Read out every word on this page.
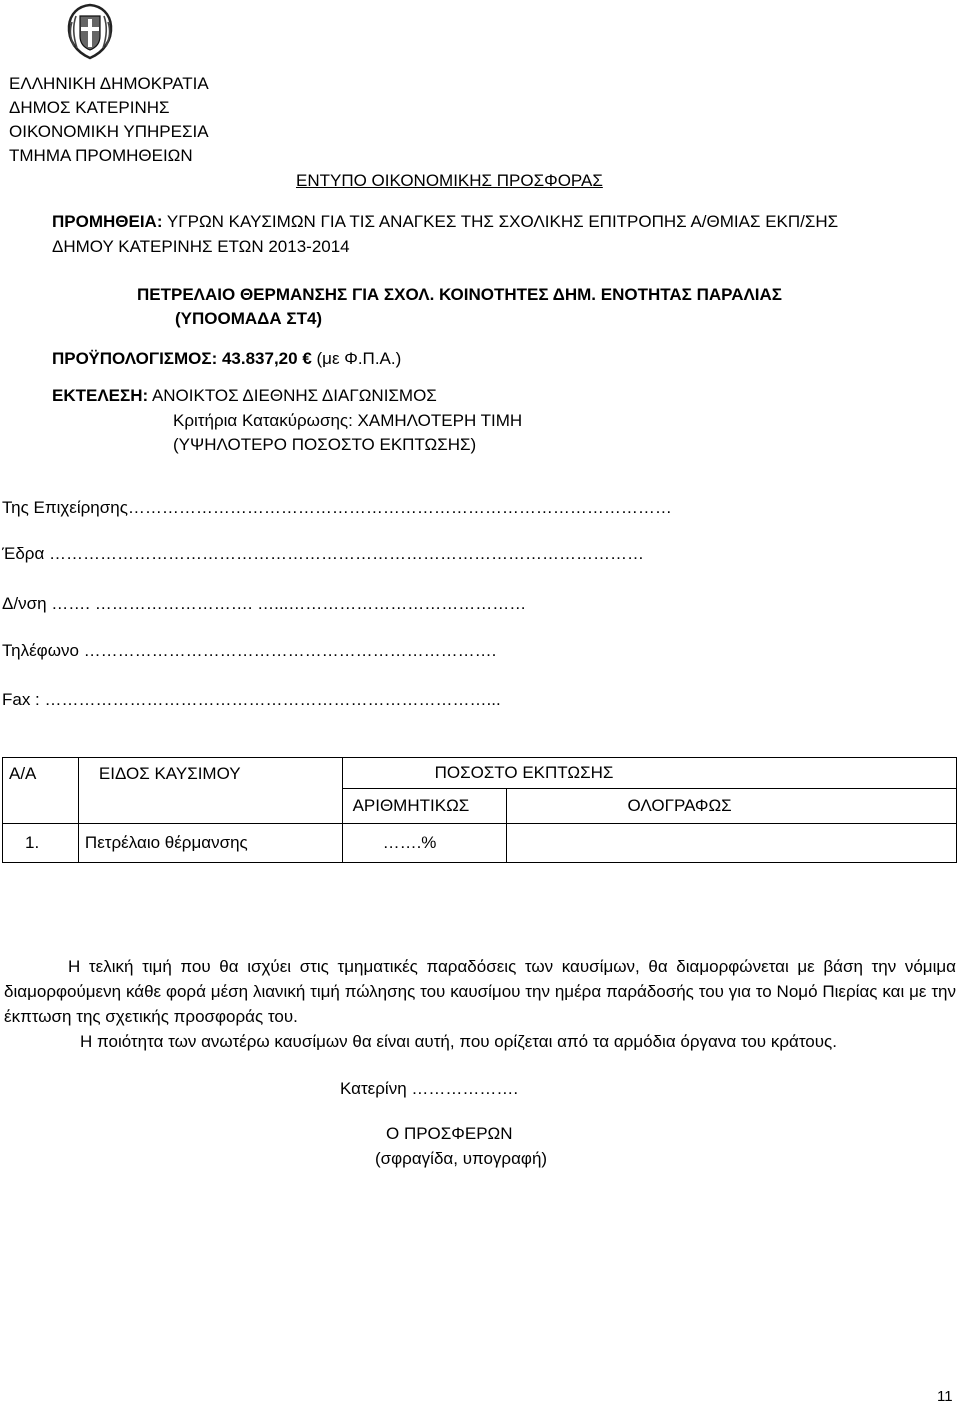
ΕΛΛΗΝΙΚΗ ΔΗΜΟΚΡΑΤΙΑ
ΔΗΜΟΣ ΚΑΤΕΡΙΝΗΣ
ΟΙΚΟΝΟΜΙΚΗ ΥΠΗΡΕΣΙΑ
ΤΜΗΜΑ ΠΡΟΜΗΘΕΙΩΝ
ΕΝΤΥΠΟ ΟΙΚΟΝΟΜΙΚΗΣ ΠΡΟΣΦΟΡΑΣ
ΠΡΟΜΗΘΕΙΑ: ΥΓΡΩΝ ΚΑΥΣΙΜΩΝ ΓΙΑ ΤΙΣ ΑΝΑΓΚΕΣ ΤΗΣ ΣΧΟΛΙΚΗΣ ΕΠΙΤΡΟΠΗΣ Α/ΘΜΙΑΣ ΕΚΠ/ΣΗΣ
ΔΗΜΟΥ ΚΑΤΕΡΙΝΗΣ ΕΤΩΝ 2013-2014
ΠΕΤΡΕΛΑΙΟ ΘΕΡΜΑΝΣΗΣ ΓΙΑ ΣΧΟΛ. ΚΟΙΝΟΤΗΤΕΣ ΔΗΜ. ΕΝΟΤΗΤΑΣ ΠΑΡΑΛΙΑΣ
(ΥΠΟΟΜΑΔΑ ΣΤ4)
ΠΡΟΫΠΟΛΟΓΙΣΜΟΣ: 43.837,20 € (με Φ.Π.Α.)
ΕΚΤΕΛΕΣΗ: ΑΝΟΙΚΤΟΣ ΔΙΕΘΝΗΣ ΔΙΑΓΩΝΙΣΜΟΣ
Κριτήρια Κατακύρωσης: ΧΑΜΗΛΟΤΕΡΗ ΤΙΜΗ
(ΥΨΗΛΟΤΕΡΟ ΠΟΣΟΣΤΟ ΕΚΠΤΩΣΗΣ)
Της Επιχείρησης……………………………………………………………………………………
Έδρα ……………………………………………………………………………………………
Δ/νση ……. ………………………. …...……………………………………
Τηλέφωνο ……………………………………………………………….
Fax : ……………………………………………………………………...
Α/Α	ΕΙΔΟΣ ΚΑΥΣΙΜΟΥ	ΠΟΣΟΣΤΟ ΕΚΠΤΩΣΗΣ	
		ΑΡΙΘΜΗΤΙΚΩΣ	ΟΛΟΓΡΑΦΩΣ
1.	Πετρέλαιο θέρμανσης	…….%	
Η τελική τιμή που θα ισχύει στις τμηματικές παραδόσεις των καυσίμων, θα διαμορφώνεται με βάση την νόμιμα διαμορφούμενη κάθε φορά μέση λιανική τιμή πώλησης του καυσίμου την ημέρα παράδοσής του για το Νομό Πιερίας και με την έκπτωση της σχετικής προσφοράς του.
Η ποιότητα των ανωτέρω καυσίμων θα είναι αυτή, που ορίζεται από τα αρμόδια όργανα του κράτους.
Κατερίνη ……………….
Ο ΠΡΟΣΦΕΡΩΝ
(σφραγίδα, υπογραφή)
11
